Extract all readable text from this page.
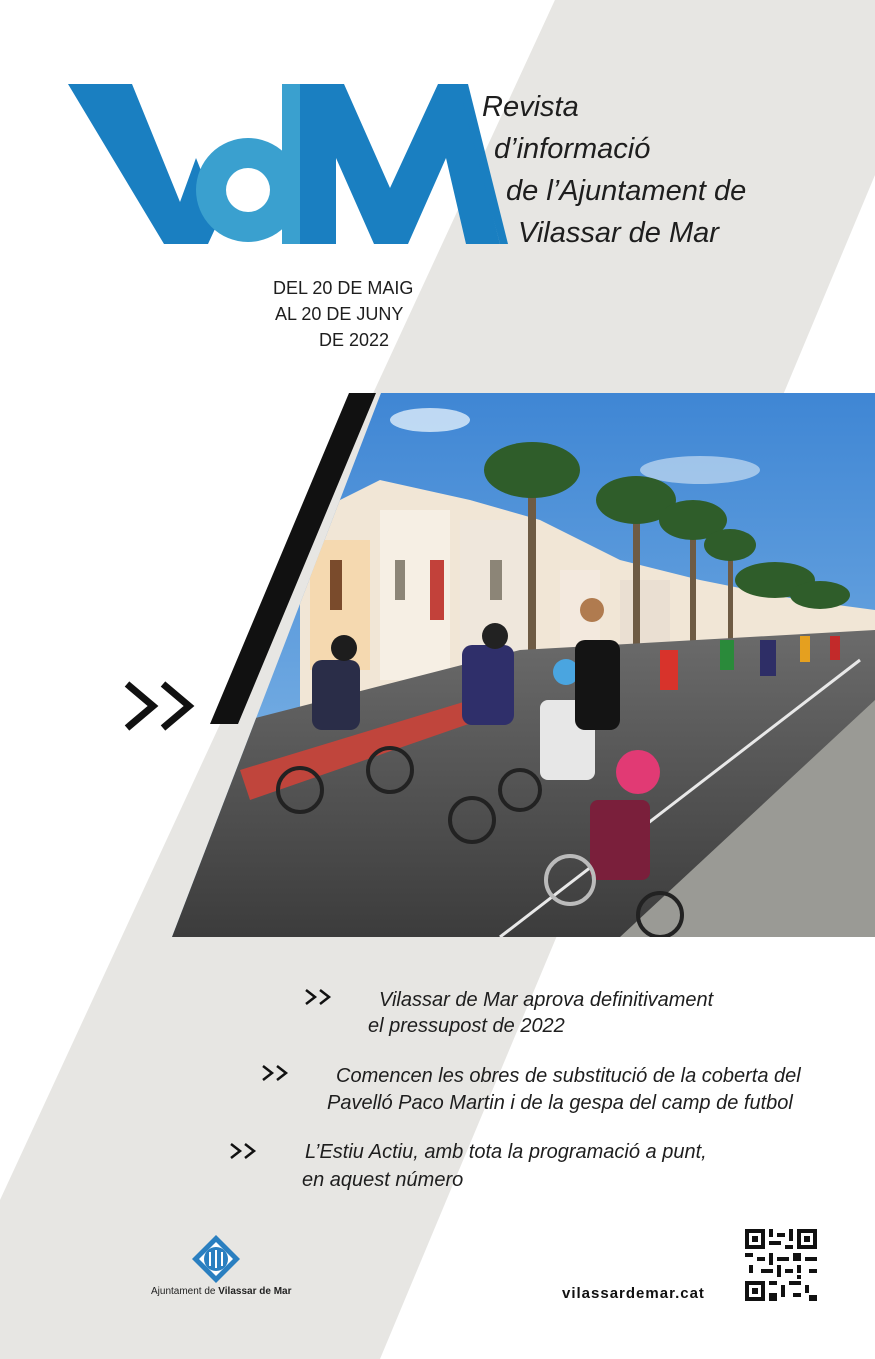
Revista
d’informació
de l’Ajuntament de
Vilassar de Mar
DEL 20 DE MAIG
AL 20 DE JUNY
DE 2022
Vilassar de Mar aprova definitivament
el pressupost de 2022
Comencen les obres de substitució de la coberta del
Pavelló Paco Martin i de la gespa del camp de futbol
L’Estiu Actiu, amb tota la programació a punt,
en aquest número
Ajuntament de Vilassar de Mar	vilassardemar.cat
